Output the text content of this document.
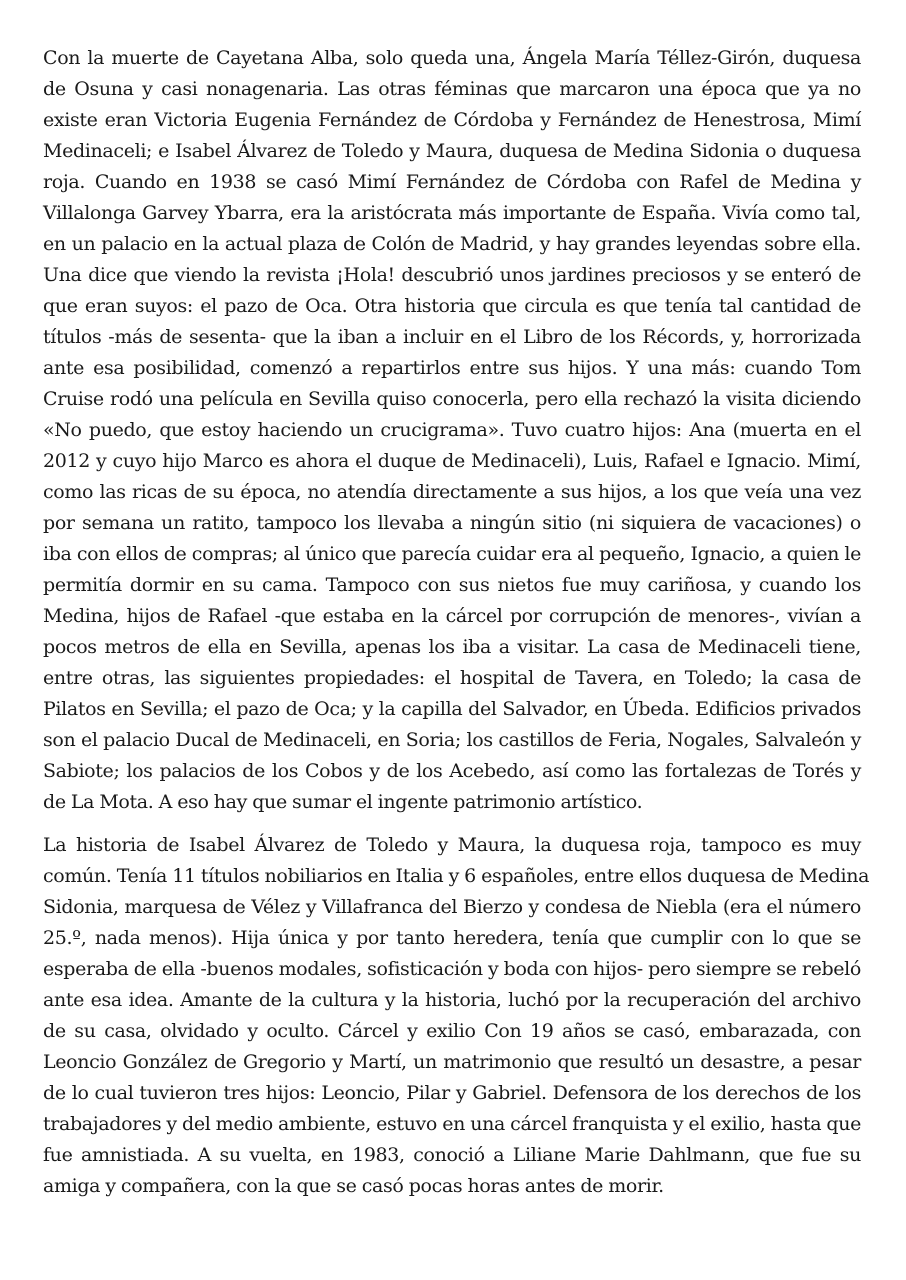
Con la muerte de Cayetana Alba, solo queda una, Ángela María Téllez-Girón, duquesa
de Osuna y casi nonagenaria. Las otras féminas que marcaron una época que ya no
existe eran Victoria Eugenia Fernández de Córdoba y Fernández de Henestrosa, Mimí
Medinaceli; e Isabel Álvarez de Toledo y Maura, duquesa de Medina Sidonia o duquesa
roja. Cuando en 1938 se casó Mimí Fernández de Córdoba con Rafel de Medina y
Villalonga Garvey Ybarra, era la aristócrata más importante de España. Vivía como tal,
en un palacio en la actual plaza de Colón de Madrid, y hay grandes leyendas sobre ella.
Una dice que viendo la revista ¡Hola! descubrió unos jardines preciosos y se enteró de
que eran suyos: el pazo de Oca. Otra historia que circula es que tenía tal cantidad de
títulos -más de sesenta- que la iban a incluir en el Libro de los Récords, y, horrorizada
ante esa posibilidad, comenzó a repartirlos entre sus hijos. Y una más: cuando Tom
Cruise rodó una película en Sevilla quiso conocerla, pero ella rechazó la visita diciendo
«No puedo, que estoy haciendo un crucigrama». Tuvo cuatro hijos: Ana (muerta en el
2012 y cuyo hijo Marco es ahora el duque de Medinaceli), Luis, Rafael e Ignacio. Mimí,
como las ricas de su época, no atendía directamente a sus hijos, a los que veía una vez
por semana un ratito, tampoco los llevaba a ningún sitio (ni siquiera de vacaciones) o
iba con ellos de compras; al único que parecía cuidar era al pequeño, Ignacio, a quien le
permitía dormir en su cama. Tampoco con sus nietos fue muy cariñosa, y cuando los
Medina, hijos de Rafael -que estaba en la cárcel por corrupción de menores-, vivían a
pocos metros de ella en Sevilla, apenas los iba a visitar. La casa de Medinaceli tiene,
entre otras, las siguientes propiedades: el hospital de Tavera, en Toledo; la casa de
Pilatos en Sevilla; el pazo de Oca; y la capilla del Salvador, en Úbeda. Edificios privados
son el palacio Ducal de Medinaceli, en Soria; los castillos de Feria, Nogales, Salvaleón y
Sabiote; los palacios de los Cobos y de los Acebedo, así como las fortalezas de Torés y
de La Mota. A eso hay que sumar el ingente patrimonio artístico.

La historia de Isabel Álvarez de Toledo y Maura, la duquesa roja, tampoco es muy
común. Tenía 11 títulos nobiliarios en Italia y 6 españoles, entre ellos duquesa de Medina
Sidonia, marquesa de Vélez y Villafranca del Bierzo y condesa de Niebla (era el número
25.º, nada menos). Hija única y por tanto heredera, tenía que cumplir con lo que se
esperaba de ella -buenos modales, sofisticación y boda con hijos- pero siempre se rebeló
ante esa idea. Amante de la cultura y la historia, luchó por la recuperación del archivo
de su casa, olvidado y oculto. Cárcel y exilio Con 19 años se casó, embarazada, con
Leoncio González de Gregorio y Martí, un matrimonio que resultó un desastre, a pesar
de lo cual tuvieron tres hijos: Leoncio, Pilar y Gabriel. Defensora de los derechos de los
trabajadores y del medio ambiente, estuvo en una cárcel franquista y el exilio, hasta que
fue amnistiada. A su vuelta, en 1983, conoció a Liliane Marie Dahlmann, que fue su
amiga y compañera, con la que se casó pocas horas antes de morir.
